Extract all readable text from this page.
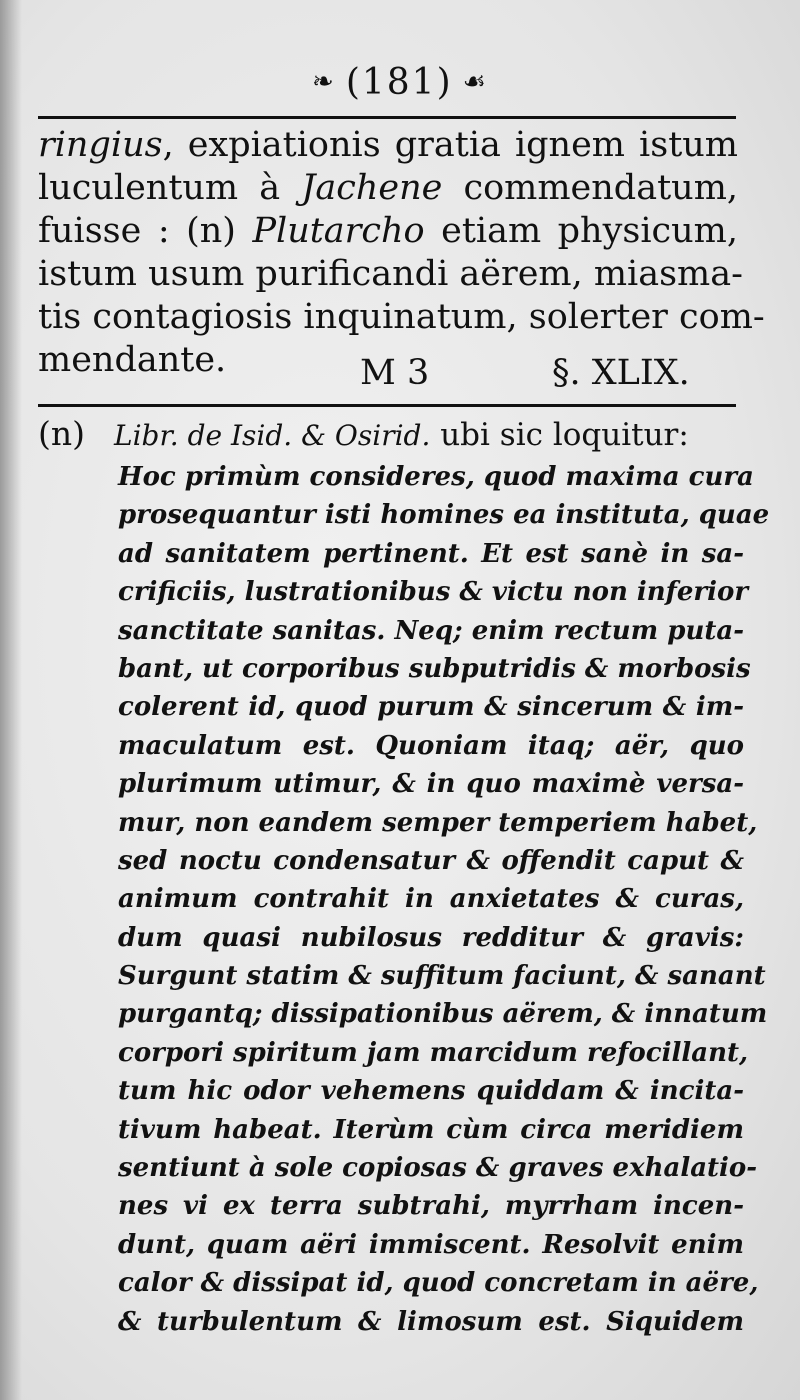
❧ (181) ☙
ringius, expiationis gratia ignem istum
luculentum à Jachene commendatum,
fuisse : (n) Plutarcho etiam physicum,
istum usum purificandi aërem, miasma-
tis contagiosis inquinatum, solerter com-
mendante.	M 3	§. XLIX.
(n) Libr. de Isid. & Osirid. ubi sic loquitur:
Hoc primùm consideres, quod maxima cura
prosequantur isti homines ea instituta, quae
ad sanitatem pertinent. Et est sanè in sa-
crificiis, lustrationibus & victu non inferior
sanctitate sanitas. Neq; enim rectum puta-
bant, ut corporibus subputridis & morbosis
colerent id, quod purum & sincerum & im-
maculatum est. Quoniam itaq; aër, quo
plurimum utimur, & in quo maximè versa-
mur, non eandem semper temperiem habet,
sed noctu condensatur & offendit caput &
animum contrahit in anxietates & curas,
dum quasi nubilosus redditur & gravis:
Surgunt statim & suffitum faciunt, & sanant
purgantq; dissipationibus aërem, & innatum
corpori spiritum jam marcidum refocillant,
tum hic odor vehemens quiddam & incita-
tivum habeat. Iterùm cùm circa meridiem
sentiunt à sole copiosas & graves exhalatio-
nes vi ex terra subtrahi, myrrham incen-
dunt, quam aëri immiscent. Resolvit enim
calor & dissipat id, quod concretam in aëre,
& turbulentum & limosum est. Siquidem
